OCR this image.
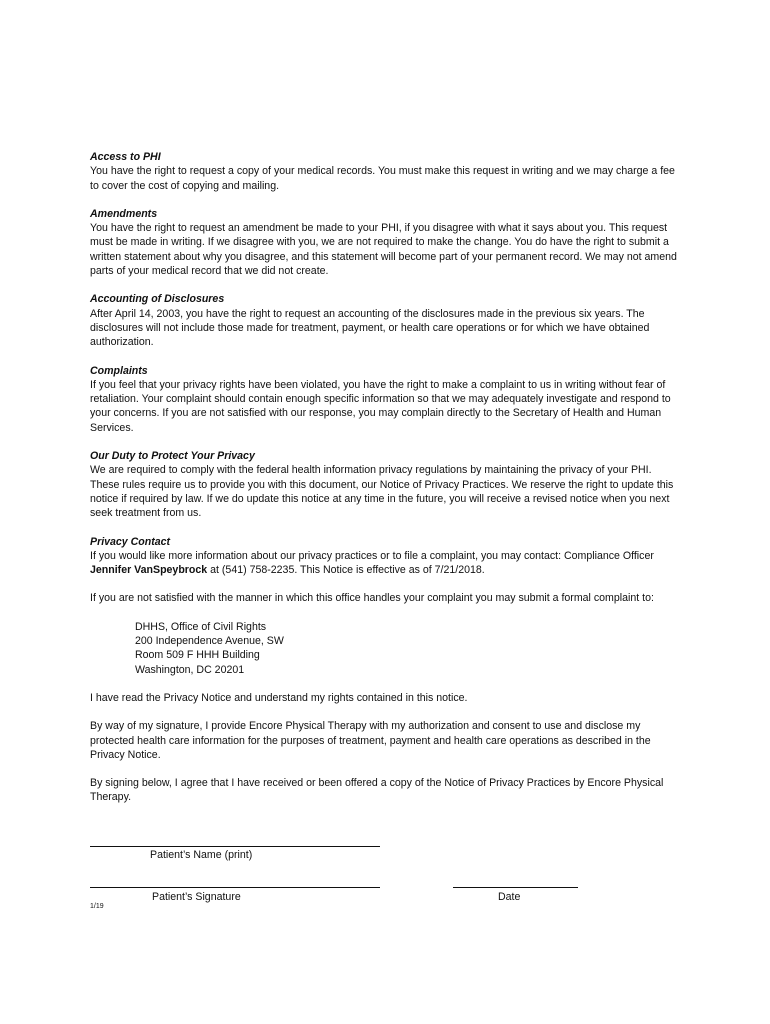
Access to PHI
You have the right to request a copy of your medical records. You must make this request in writing and we may charge a fee to cover the cost of copying and mailing.
Amendments
You have the right to request an amendment be made to your PHI, if you disagree with what it says about you. This request must be made in writing. If we disagree with you, we are not required to make the change. You do have the right to submit a written statement about why you disagree, and this statement will become part of your permanent record. We may not amend parts of your medical record that we did not create.
Accounting of Disclosures
After April 14, 2003, you have the right to request an accounting of the disclosures made in the previous six years. The disclosures will not include those made for treatment, payment, or health care operations or for which we have obtained authorization.
Complaints
If you feel that your privacy rights have been violated, you have the right to make a complaint to us in writing without fear of retaliation. Your complaint should contain enough specific information so that we may adequately investigate and respond to your concerns. If you are not satisfied with our response, you may complain directly to the Secretary of Health and Human Services.
Our Duty to Protect Your Privacy
We are required to comply with the federal health information privacy regulations by maintaining the privacy of your PHI. These rules require us to provide you with this document, our Notice of Privacy Practices. We reserve the right to update this notice if required by law. If we do update this notice at any time in the future, you will receive a revised notice when you next seek treatment from us.
Privacy Contact
If you would like more information about our privacy practices or to file a complaint, you may contact: Compliance Officer Jennifer VanSpeybrock at (541) 758-2235. This Notice is effective as of 7/21/2018.

If you are not satisfied with the manner in which this office handles your complaint you may submit a formal complaint to:

DHHS, Office of Civil Rights
200 Independence Avenue, SW
Room 509 F HHH Building
Washington, DC 20201

I have read the Privacy Notice and understand my rights contained in this notice.

By way of my signature, I provide Encore Physical Therapy with my authorization and consent to use and disclose my protected health care information for the purposes of treatment, payment and health care operations as described in the Privacy Notice.

By signing below, I agree that I have received or been offered a copy of the Notice of Privacy Practices by Encore Physical Therapy.

Patient’s Name (print)
Patient’s Signature	Date
1/19
